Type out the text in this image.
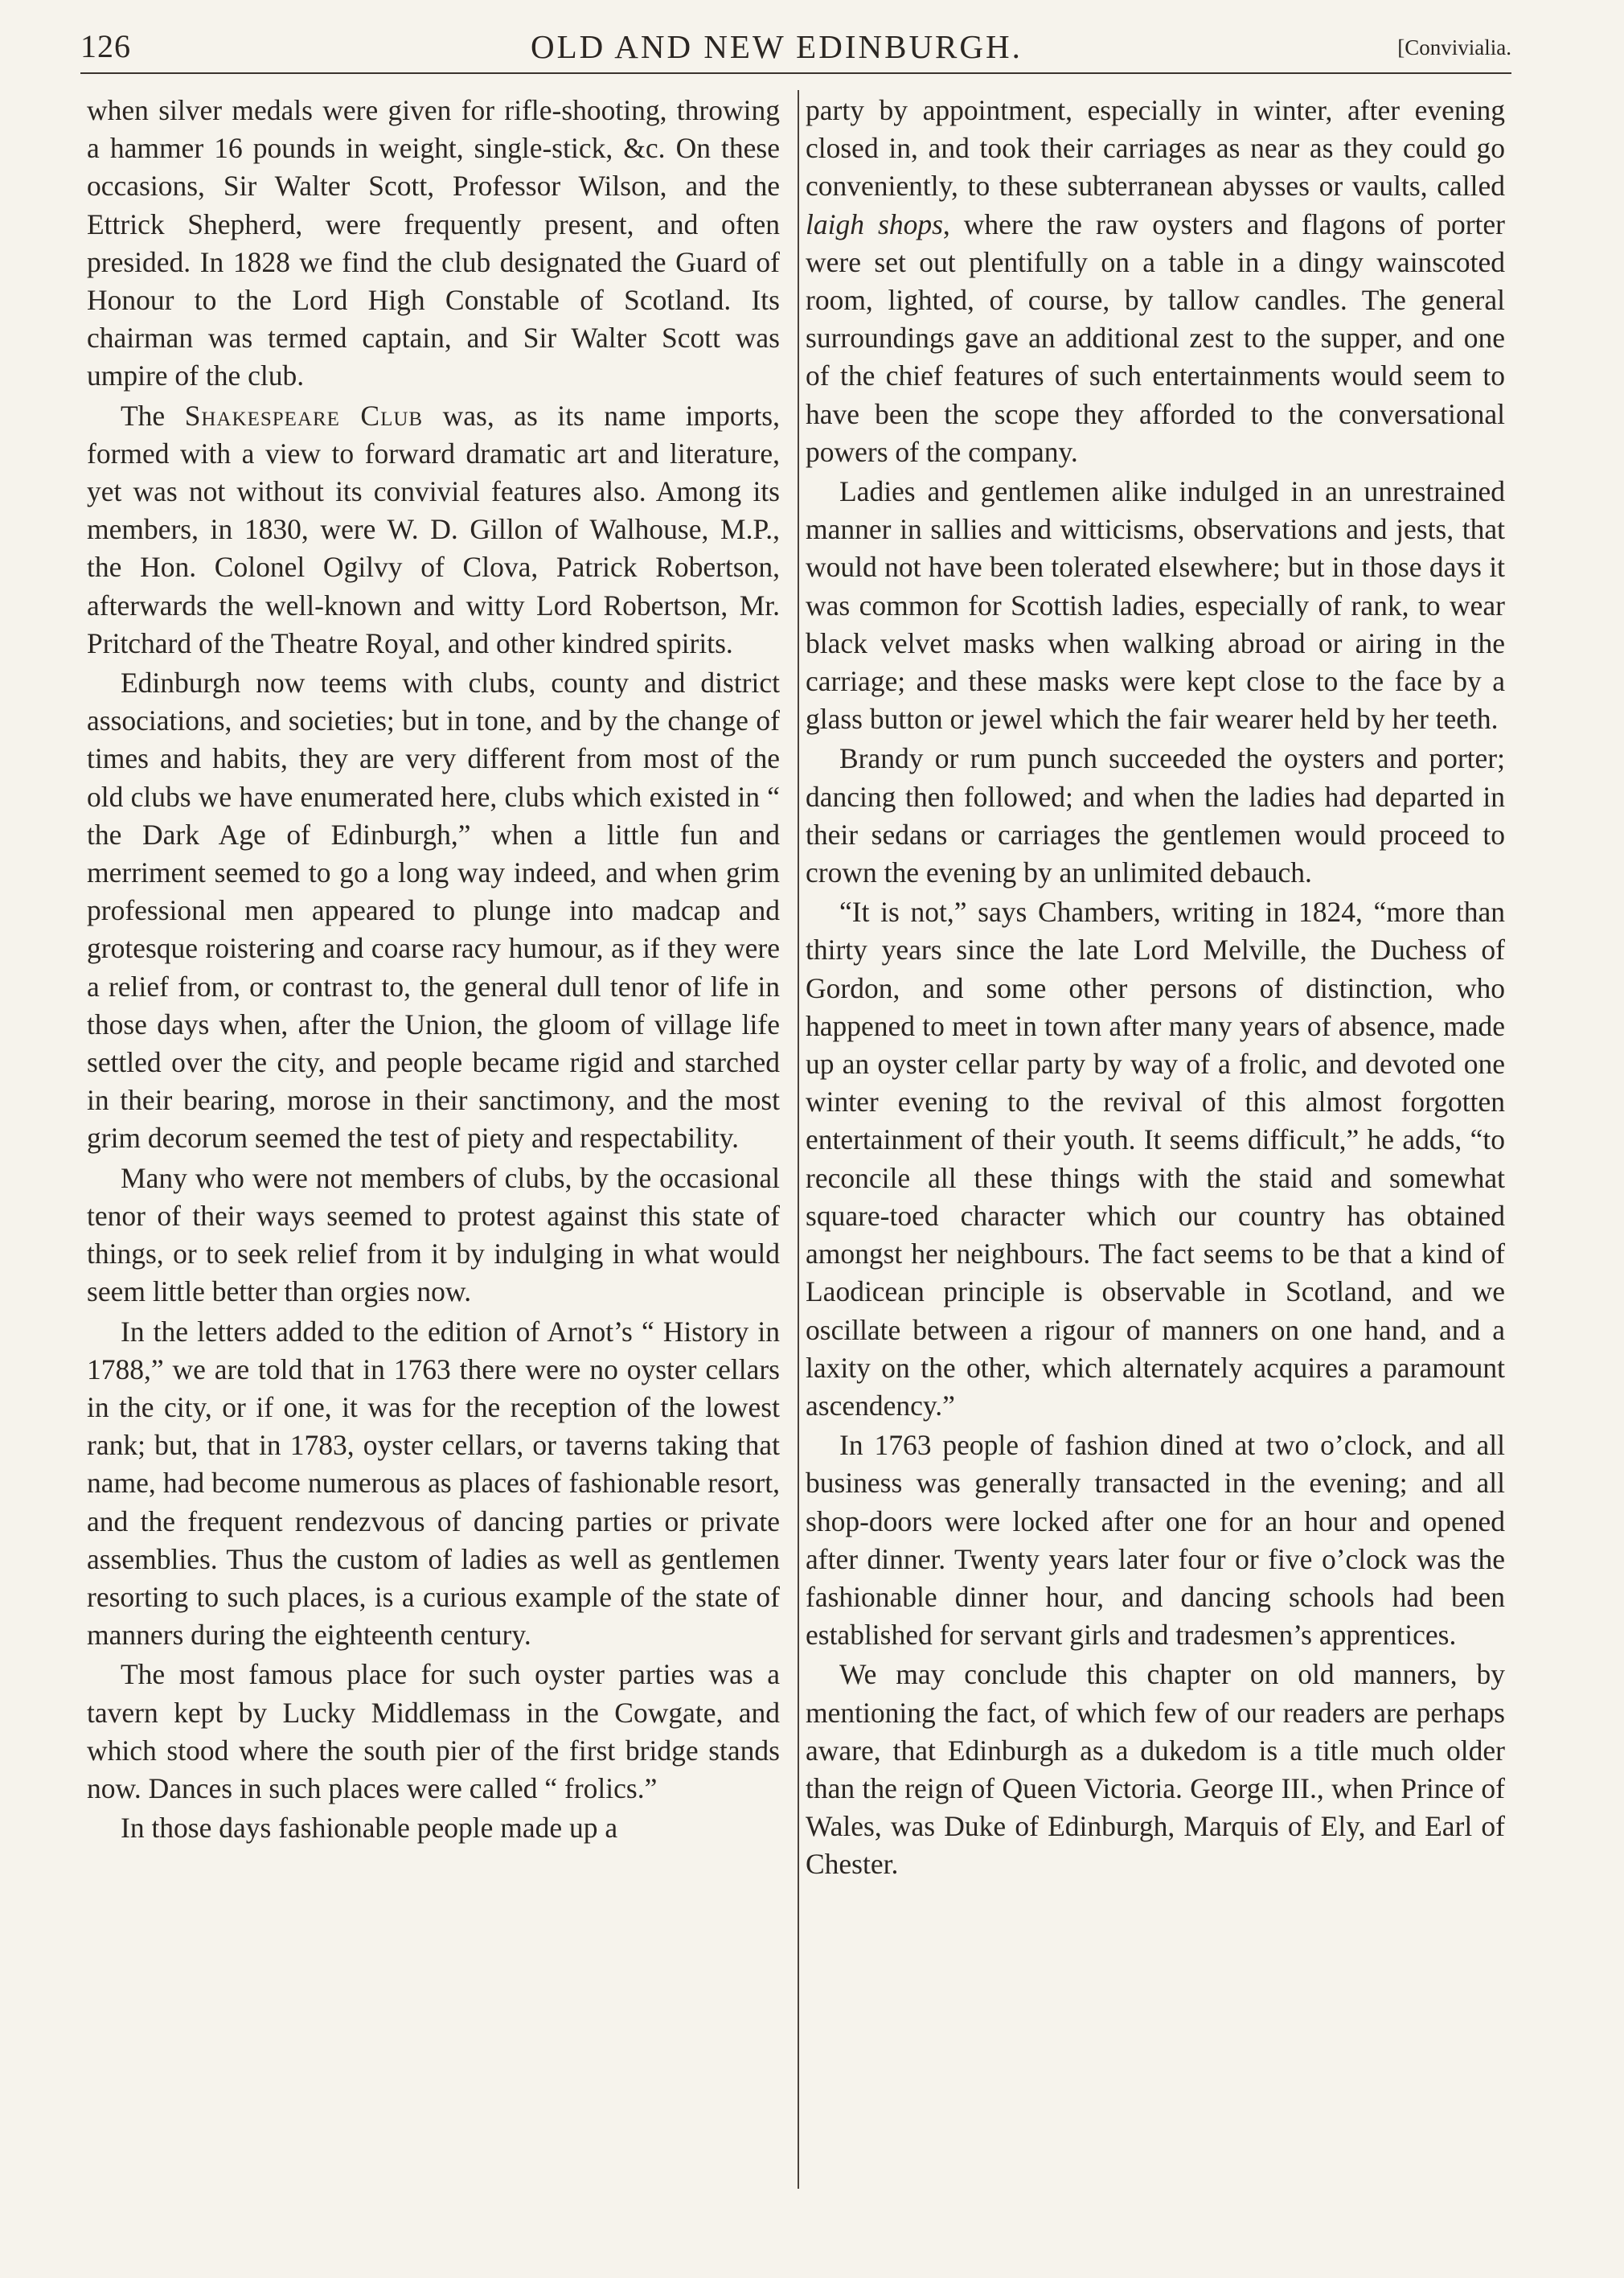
126	OLD AND NEW EDINBURGH.	[Convivialia.

when silver medals were given for rifle-shooting, throwing a hammer 16 pounds in weight, single-stick, &c. On these occasions, Sir Walter Scott, Professor Wilson, and the Ettrick Shepherd, were frequently present, and often presided. In 1828 we find the club designated the Guard of Honour to the Lord High Constable of Scotland. Its chairman was termed captain, and Sir Walter Scott was umpire of the club.

The Shakespeare Club was, as its name imports, formed with a view to forward dramatic art and literature, yet was not without its convivial features also. Among its members, in 1830, were W. D. Gillon of Walhouse, M.P., the Hon. Colonel Ogilvy of Clova, Patrick Robertson, afterwards the well-known and witty Lord Robertson, Mr. Pritchard of the Theatre Royal, and other kindred spirits.

Edinburgh now teems with clubs, county and district associations, and societies; but in tone, and by the change of times and habits, they are very different from most of the old clubs we have enumerated here, clubs which existed in “ the Dark Age of Edinburgh,” when a little fun and merriment seemed to go a long way indeed, and when grim professional men appeared to plunge into madcap and grotesque roistering and coarse racy humour, as if they were a relief from, or contrast to, the general dull tenor of life in those days when, after the Union, the gloom of village life settled over the city, and people became rigid and starched in their bearing, morose in their sanctimony, and the most grim decorum seemed the test of piety and respectability.

Many who were not members of clubs, by the occasional tenor of their ways seemed to protest against this state of things, or to seek relief from it by indulging in what would seem little better than orgies now.

In the letters added to the edition of Arnot’s “ History in 1788,” we are told that in 1763 there were no oyster cellars in the city, or if one, it was for the reception of the lowest rank; but, that in 1783, oyster cellars, or taverns taking that name, had become numerous as places of fashionable resort, and the frequent rendezvous of dancing parties or private assemblies. Thus the custom of ladies as well as gentlemen resorting to such places, is a curious example of the state of manners during the eighteenth century.

The most famous place for such oyster parties was a tavern kept by Lucky Middlemass in the Cowgate, and which stood where the south pier of the first bridge stands now. Dances in such places were called “ frolics.”

In those days fashionable people made up a

party by appointment, especially in winter, after evening closed in, and took their carriages as near as they could go conveniently, to these subterranean abysses or vaults, called laigh shops, where the raw oysters and flagons of porter were set out plentifully on a table in a dingy wainscoted room, lighted, of course, by tallow candles. The general surroundings gave an additional zest to the supper, and one of the chief features of such entertainments would seem to have been the scope they afforded to the conversational powers of the company.

Ladies and gentlemen alike indulged in an unrestrained manner in sallies and witticisms, observations and jests, that would not have been tolerated elsewhere; but in those days it was common for Scottish ladies, especially of rank, to wear black velvet masks when walking abroad or airing in the carriage; and these masks were kept close to the face by a glass button or jewel which the fair wearer held by her teeth.

Brandy or rum punch succeeded the oysters and porter; dancing then followed; and when the ladies had departed in their sedans or carriages the gentlemen would proceed to crown the evening by an unlimited debauch.

“It is not,” says Chambers, writing in 1824, “more than thirty years since the late Lord Melville, the Duchess of Gordon, and some other persons of distinction, who happened to meet in town after many years of absence, made up an oyster cellar party by way of a frolic, and devoted one winter evening to the revival of this almost forgotten entertainment of their youth. It seems difficult,” he adds, “to reconcile all these things with the staid and somewhat square-toed character which our country has obtained amongst her neighbours. The fact seems to be that a kind of Laodicean principle is observable in Scotland, and we oscillate between a rigour of manners on one hand, and a laxity on the other, which alternately acquires a paramount ascendency.”

In 1763 people of fashion dined at two o’clock, and all business was generally transacted in the evening; and all shop-doors were locked after one for an hour and opened after dinner. Twenty years later four or five o’clock was the fashionable dinner hour, and dancing schools had been established for servant girls and tradesmen’s apprentices.

We may conclude this chapter on old manners, by mentioning the fact, of which few of our readers are perhaps aware, that Edinburgh as a dukedom is a title much older than the reign of Queen Victoria. George III., when Prince of Wales, was Duke of Edinburgh, Marquis of Ely, and Earl of Chester.
